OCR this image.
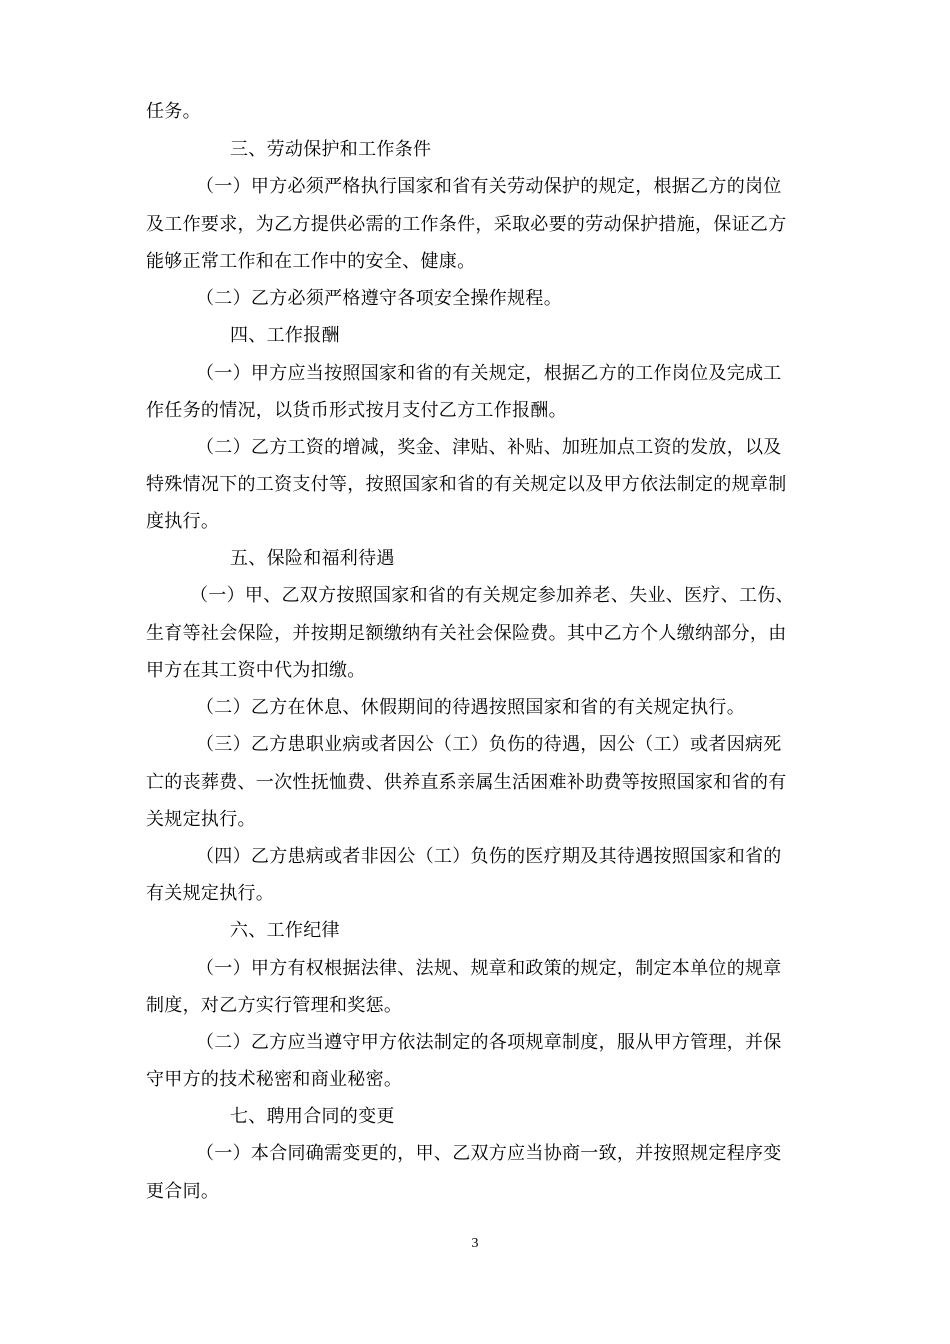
任务。
三、劳动保护和工作条件
（一）甲方必须严格执行国家和省有关劳动保护的规定，根据乙方的岗位
及工作要求，为乙方提供必需的工作条件，采取必要的劳动保护措施，保证乙方
能够正常工作和在工作中的安全、健康。
（二）乙方必须严格遵守各项安全操作规程。
四、工作报酬
（一）甲方应当按照国家和省的有关规定，根据乙方的工作岗位及完成工
作任务的情况，以货币形式按月支付乙方工作报酬。
（二）乙方工资的增减，奖金、津贴、补贴、加班加点工资的发放，以及
特殊情况下的工资支付等，按照国家和省的有关规定以及甲方依法制定的规章制
度执行。
五、保险和福利待遇
（一）甲、乙双方按照国家和省的有关规定参加养老、失业、医疗、工伤、
生育等社会保险，并按期足额缴纳有关社会保险费。其中乙方个人缴纳部分，由
甲方在其工资中代为扣缴。
（二）乙方在休息、休假期间的待遇按照国家和省的有关规定执行。
（三）乙方患职业病或者因公（工）负伤的待遇，因公（工）或者因病死
亡的丧葬费、一次性抚恤费、供养直系亲属生活困难补助费等按照国家和省的有
关规定执行。
（四）乙方患病或者非因公（工）负伤的医疗期及其待遇按照国家和省的
有关规定执行。
六、工作纪律
（一）甲方有权根据法律、法规、规章和政策的规定，制定本单位的规章
制度，对乙方实行管理和奖惩。
（二）乙方应当遵守甲方依法制定的各项规章制度，服从甲方管理，并保
守甲方的技术秘密和商业秘密。
七、聘用合同的变更
（一）本合同确需变更的，甲、乙双方应当协商一致，并按照规定程序变
更合同。
3
